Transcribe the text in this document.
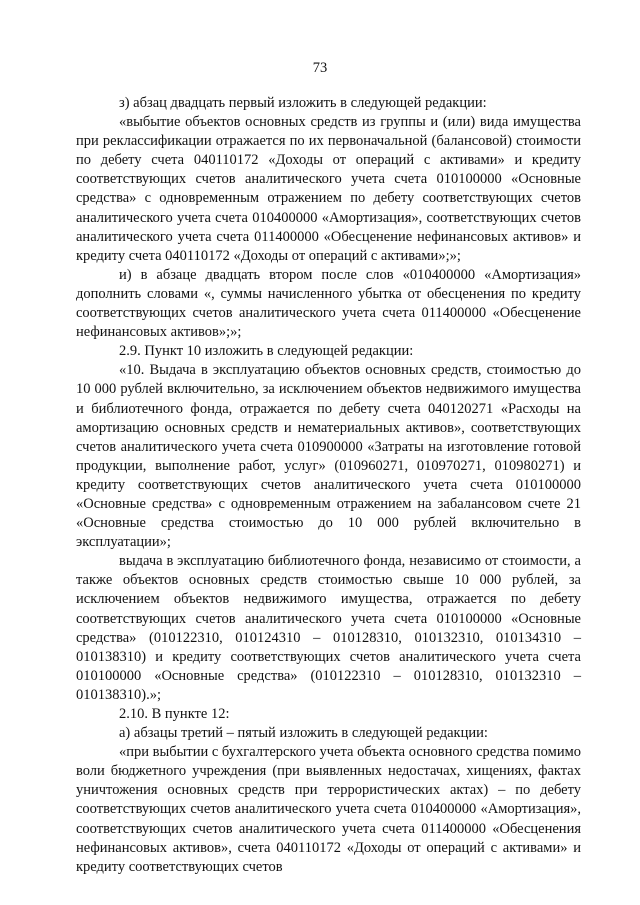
73

з) абзац двадцать первый изложить в следующей редакции:

«выбытие объектов основных средств из группы и (или) вида имущества при реклассификации отражается по их первоначальной (балансовой) стоимости по дебету счета 040110172 «Доходы от операций с активами» и кредиту соответствующих счетов аналитического учета счета 010100000 «Основные средства» с одновременным отражением по дебету соответствующих счетов аналитического учета счета 010400000 «Амортизация», соответствующих счетов аналитического учета счета 011400000 «Обесценение нефинансовых активов» и кредиту счета 040110172 «Доходы от операций с активами»;»;

и) в абзаце двадцать втором после слов «010400000 «Амортизация» дополнить словами «, суммы начисленного убытка от обесценения по кредиту соответствующих счетов аналитического учета счета 011400000 «Обесценение нефинансовых активов»;»;

2.9. Пункт 10 изложить в следующей редакции:

«10. Выдача в эксплуатацию объектов основных средств, стоимостью до 10 000 рублей включительно, за исключением объектов недвижимого имущества и библиотечного фонда, отражается по дебету счета 040120271 «Расходы на амортизацию основных средств и нематериальных активов», соответствующих счетов аналитического учета счета 010900000 «Затраты на изготовление готовой продукции, выполнение работ, услуг» (010960271, 010970271, 010980271) и кредиту соответствующих счетов аналитического учета счета 010100000 «Основные средства» с одновременным отражением на забалансовом счете 21 «Основные средства стоимостью до 10 000 рублей включительно в эксплуатации»;

выдача в эксплуатацию библиотечного фонда, независимо от стоимости, а также объектов основных средств стоимостью свыше 10 000 рублей, за исключением объектов недвижимого имущества, отражается по дебету соответствующих счетов аналитического учета счета 010100000 «Основные средства» (010122310, 010124310 – 010128310, 010132310, 010134310 – 010138310) и кредиту соответствующих счетов аналитического учета счета 010100000 «Основные средства» (010122310 – 010128310, 010132310 – 010138310).»;

2.10. В пункте 12:

а) абзацы третий – пятый изложить в следующей редакции:

«при выбытии с бухгалтерского учета объекта основного средства помимо воли бюджетного учреждения (при выявленных недостачах, хищениях, фактах уничтожения основных средств при террористических актах) – по дебету соответствующих счетов аналитического учета счета 010400000 «Амортизация», соответствующих счетов аналитического учета счета 011400000 «Обесценения нефинансовых активов», счета 040110172 «Доходы от операций с активами» и кредиту соответствующих счетов
